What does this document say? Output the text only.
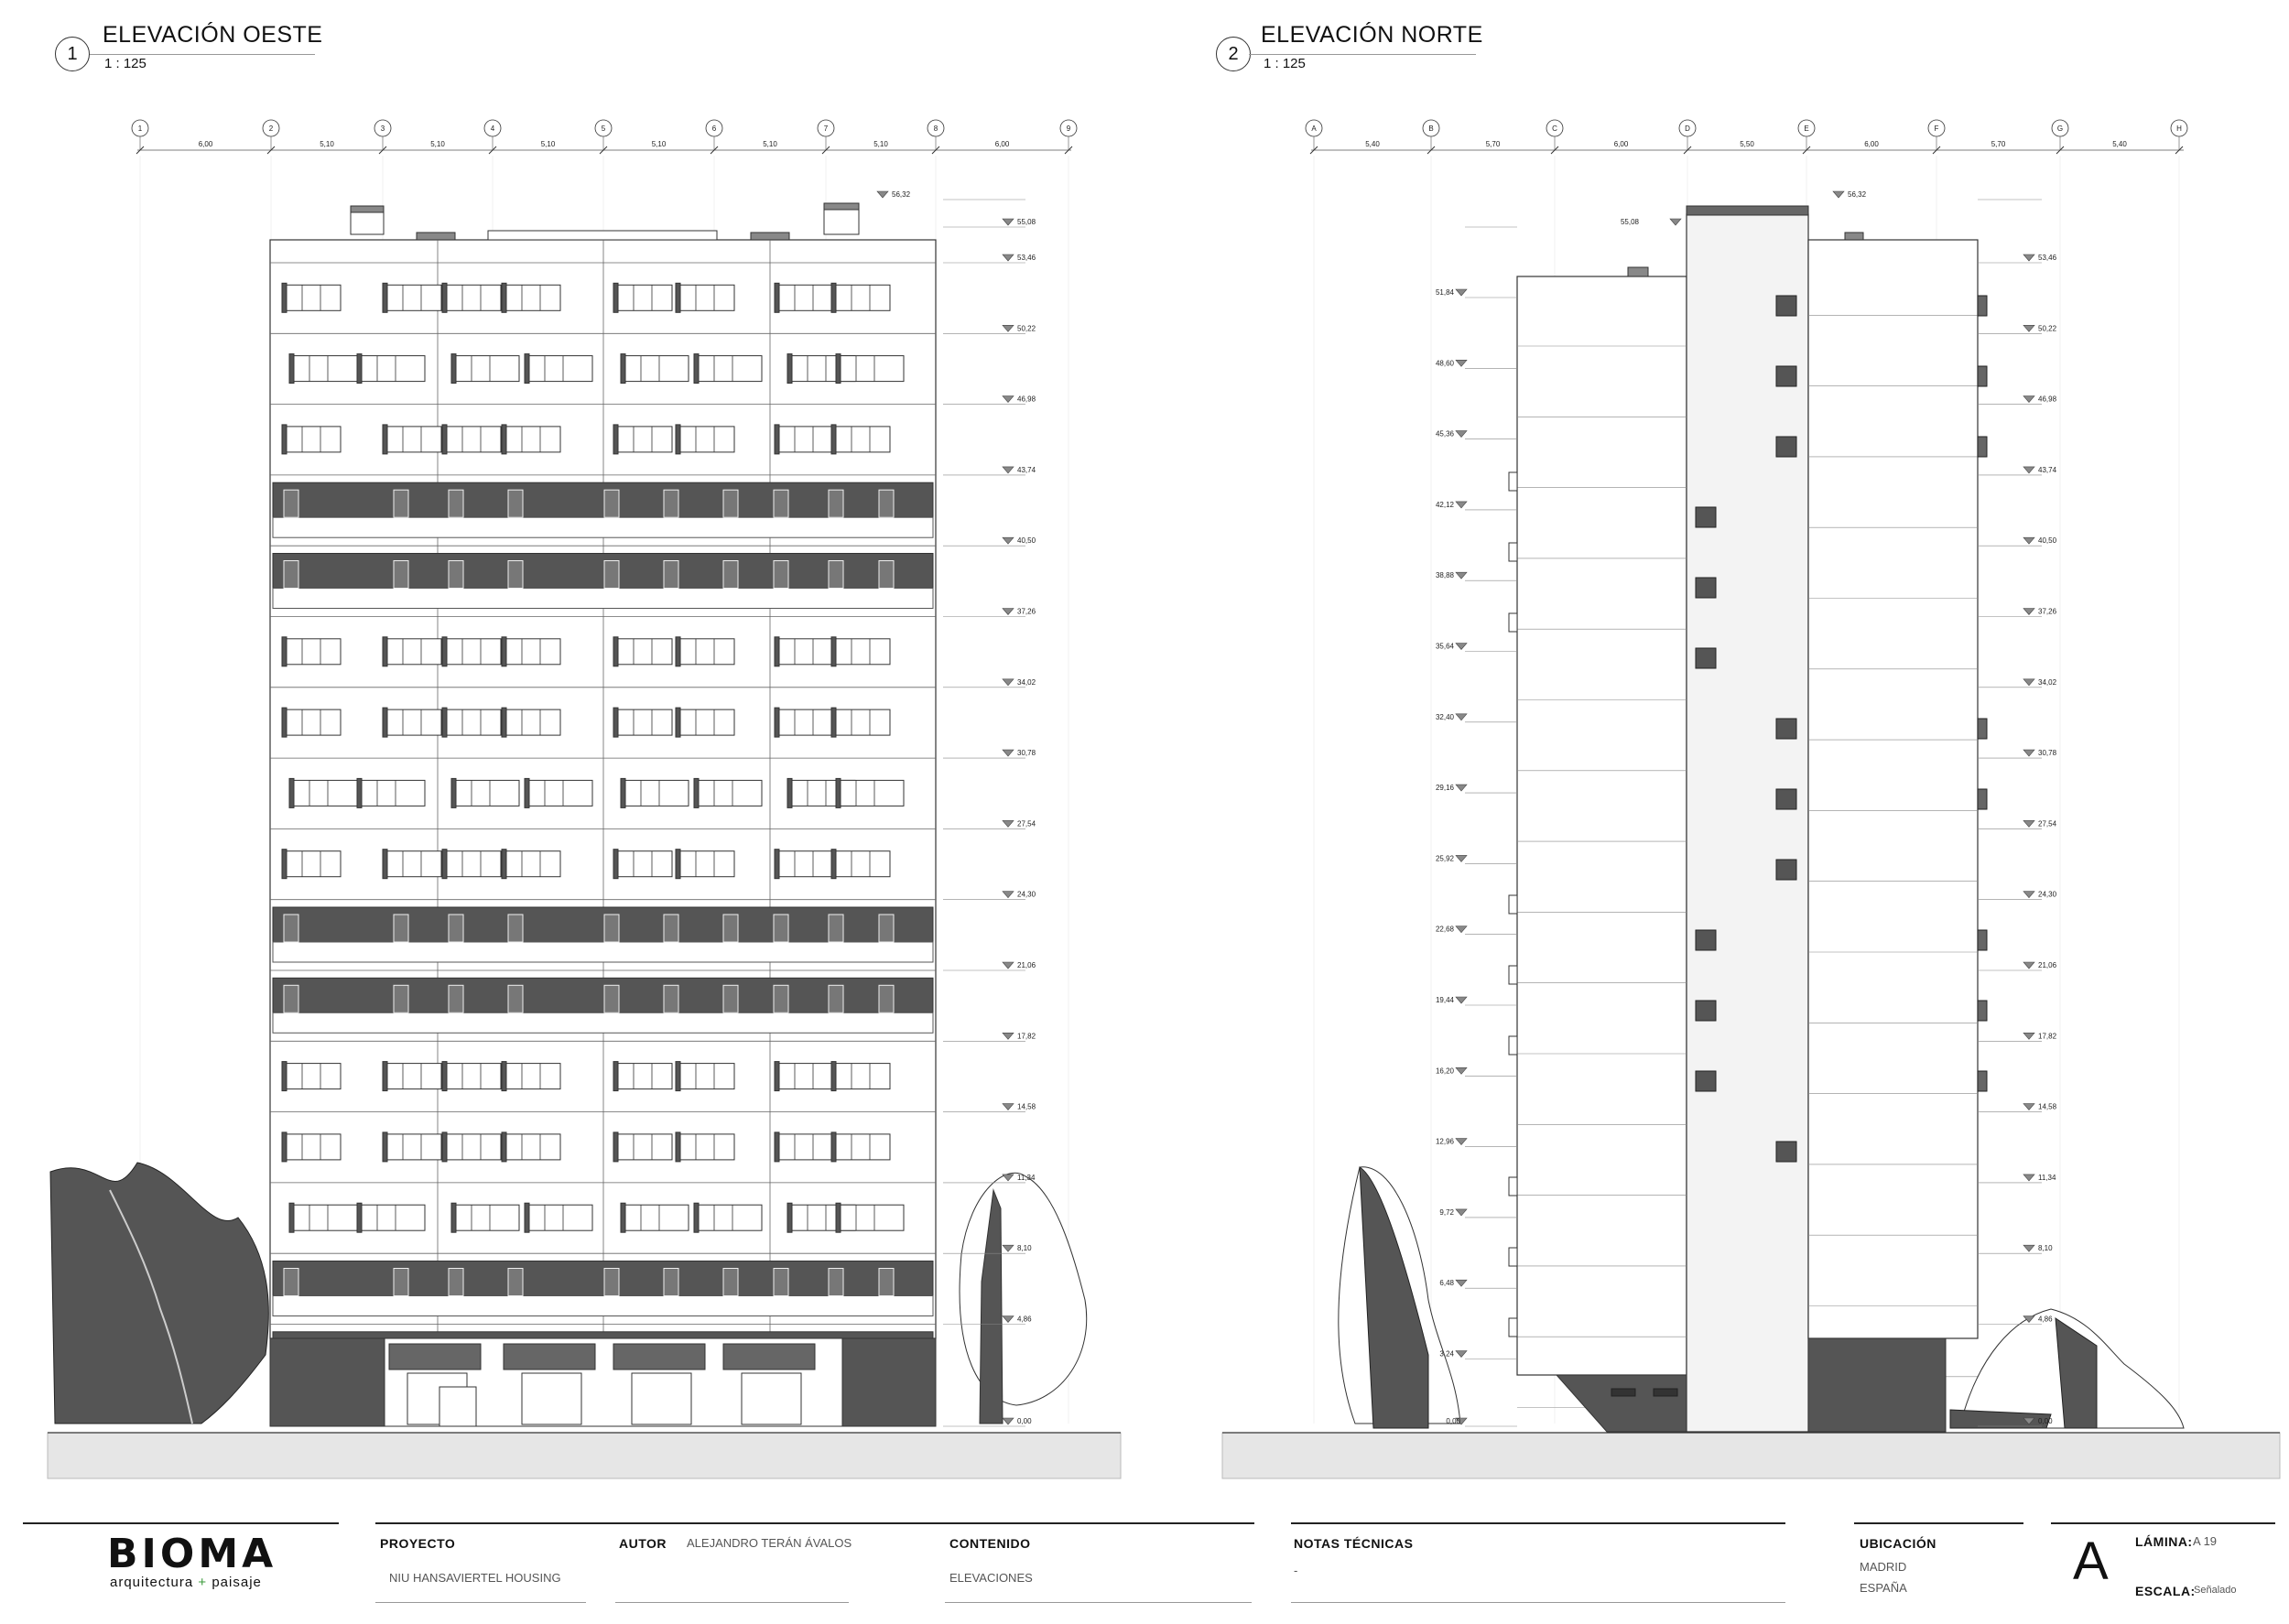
1
ELEVACIÓN OESTE
1 : 125	2
ELEVACIÓN NORTE
1 : 125
1	2	3	4	5	6	7	8	9
6,00	5,10	5,10	5,10	5,10	5,10	5,10	6,00
56,32
55,08
53,46
50,22
46,98
43,74
40,50
37,26
34,02
30,78
27,54
24,30
21,06
17,82
14,58
11,34
8,10
4,86
0,00
A	B	C	D	E	F	G	H
5,40	5,70	6,00	5,50	6,00	5,70	5,40
56,32
53,46
50,22
46,98
43,74
40,50
37,26
34,02
30,78
27,54
24,30
21,06
17,82
14,58
11,34
8,10
4,86
0,00
55,08
51,84
48,60
45,36
42,12
38,88
35,64
32,40
29,16
25,92
22,68
19,44
16,20
12,96
9,72
6,48
3,24
0,00
BIOMA
arquitectura + paisaje
PROYECTO
NIU HANSAVIERTEL HOUSING
AUTOR ALEJANDRO TERÁN ÁVALOS	CONTENIDO
ELEVACIONES
NOTAS TÉCNICAS
-
UBICACIÓN
MADRID
ESPAÑA	A LÁMINA: A 19
ESCALA:
Señalado
